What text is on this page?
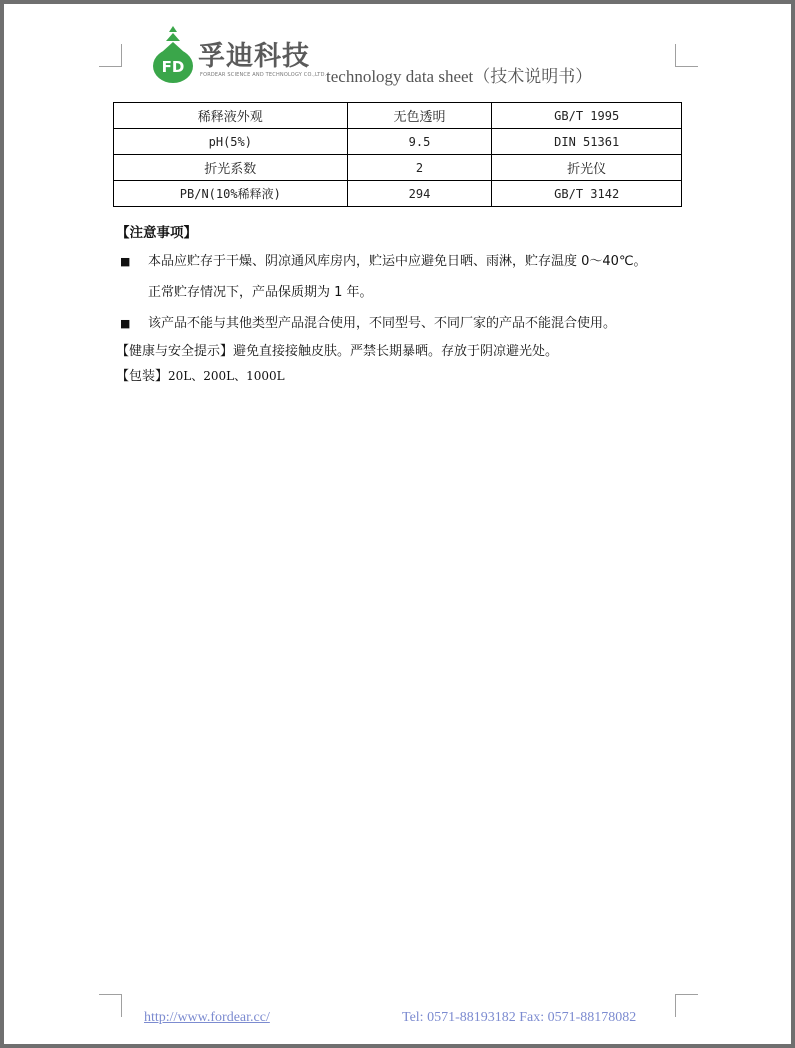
FD 孚迪科技
FORDEAR SCIENCE AND TECHNOLOGY CO.,LTD. technology data sheet（技术说明书）
稀释液外观	无色透明	GB/T 1995
pH(5%)	9.5	DIN 51361
折光系数	2	折光仪
PB/N(10%稀释液)	294	GB/T 3142
【注意事项】
■ 本品应贮存于干燥、阴凉通风库房内，贮运中应避免日晒、雨淋，贮存温度 0～40℃。
正常贮存情况下，产品保质期为 1 年。
■ 该产品不能与其他类型产品混合使用，不同型号、不同厂家的产品不能混合使用。
【健康与安全提示】避免直接接触皮肤。严禁长期暴晒。存放于阴凉避光处。
【包装】20L、200L、1000L
http://www.fordear.cc/	Tel: 0571-88193182 Fax: 0571-88178082
